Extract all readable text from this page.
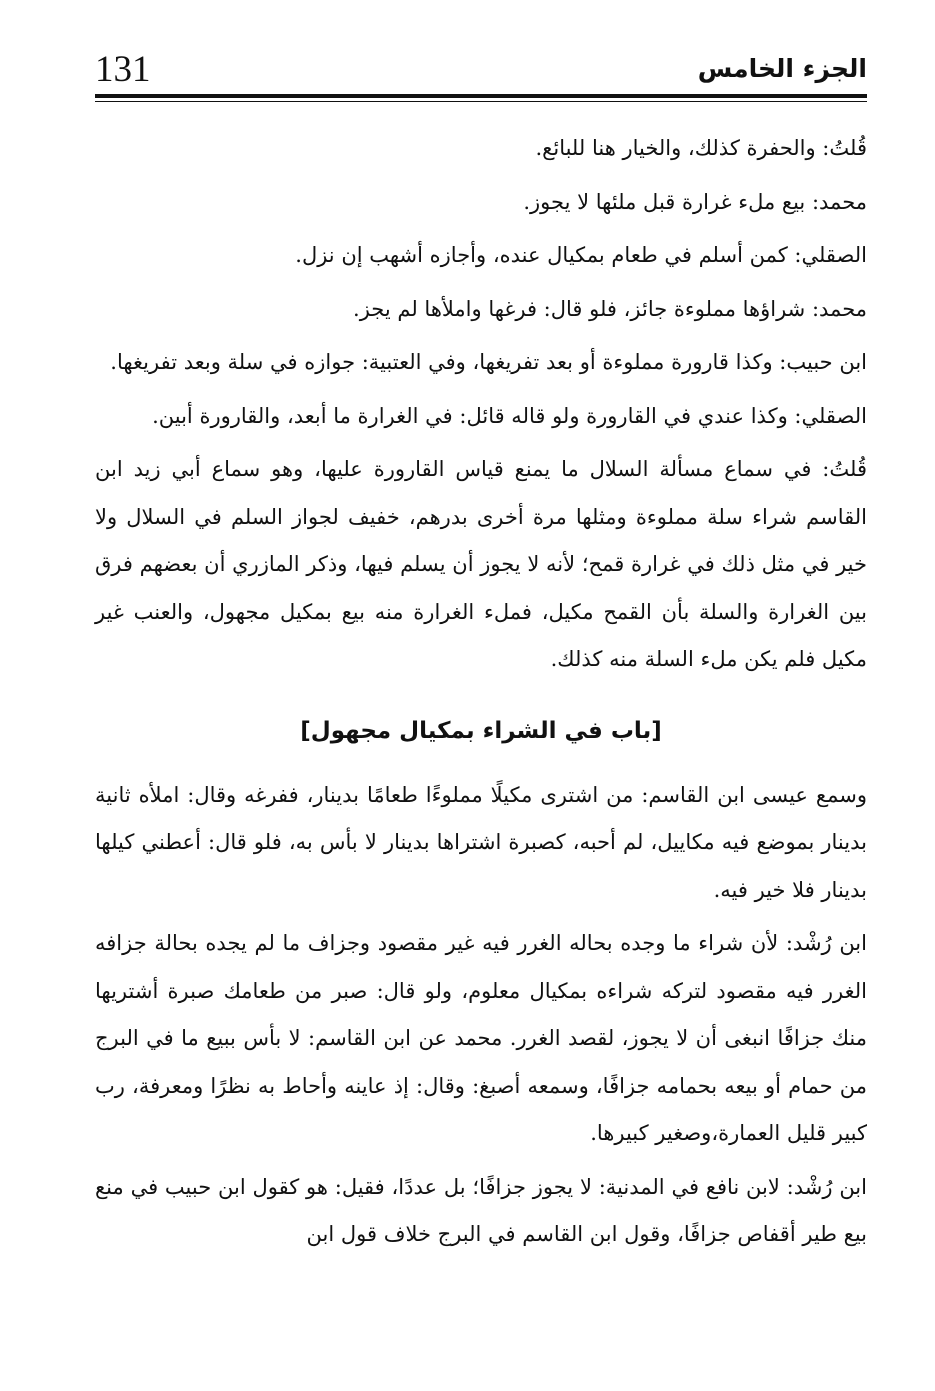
131	الجزء الخامس

قُلتُ: والحفرة كذلك، والخيار هنا للبائع.

محمد: بيع ملء غرارة قبل ملئها لا يجوز.

الصقلي: كمن أسلم في طعام بمكيال عنده، وأجازه أشهب إن نزل.

محمد: شراؤها مملوءة جائز، فلو قال: فرغها واملأها لم يجز.

ابن حبيب: وكذا قارورة مملوءة أو بعد تفريغها، وفي العتبية: جوازه في سلة وبعد تفريغها.

الصقلي: وكذا عندي في القارورة ولو قاله قائل: في الغرارة ما أبعد، والقارورة أبين.

قُلتُ: في سماع مسألة السلال ما يمنع قياس القارورة عليها، وهو سماع أبي زيد ابن القاسم شراء سلة مملوءة ومثلها مرة أخرى بدرهم، خفيف لجواز السلم في السلال ولا خير في مثل ذلك في غرارة قمح؛ لأنه لا يجوز أن يسلم فيها، وذكر المازري أن بعضهم فرق بين الغرارة والسلة بأن القمح مكيل، فملء الغرارة منه بيع بمكيل مجهول، والعنب غير مكيل فلم يكن ملء السلة منه كذلك.

[باب في الشراء بمكيال مجهول]

وسمع عيسى ابن القاسم: من اشترى مكيلًا مملوءًا طعامًا بدينار، ففرغه وقال: املأه ثانية بدينار بموضع فيه مكاييل، لم أحبه، كصبرة اشتراها بدينار لا بأس به، فلو قال: أعطني كيلها بدينار فلا خير فيه.

ابن رُشْد: لأن شراء ما وجده بحاله الغرر فيه غير مقصود وجزاف ما لم يجده بحالة جزافه الغرر فيه مقصود لتركه شراءه بمكيال معلوم، ولو قال: صبر من طعامك صبرة أشتريها منك جزافًا انبغى أن لا يجوز، لقصد الغرر. محمد عن ابن القاسم: لا بأس ببيع ما في البرج من حمام أو بيعه بحمامه جزافًا، وسمعه أصبغ: وقال: إذ عاينه وأحاط به نظرًا ومعرفة، رب كبير قليل العمارة،وصغير كبيرها.

ابن رُشْد: لابن نافع في المدنية: لا يجوز جزافًا؛ بل عددًا، فقيل: هو كقول ابن حبيب في منع بيع طير أقفاص جزافًا، وقول ابن القاسم في البرج خلاف قول ابن
